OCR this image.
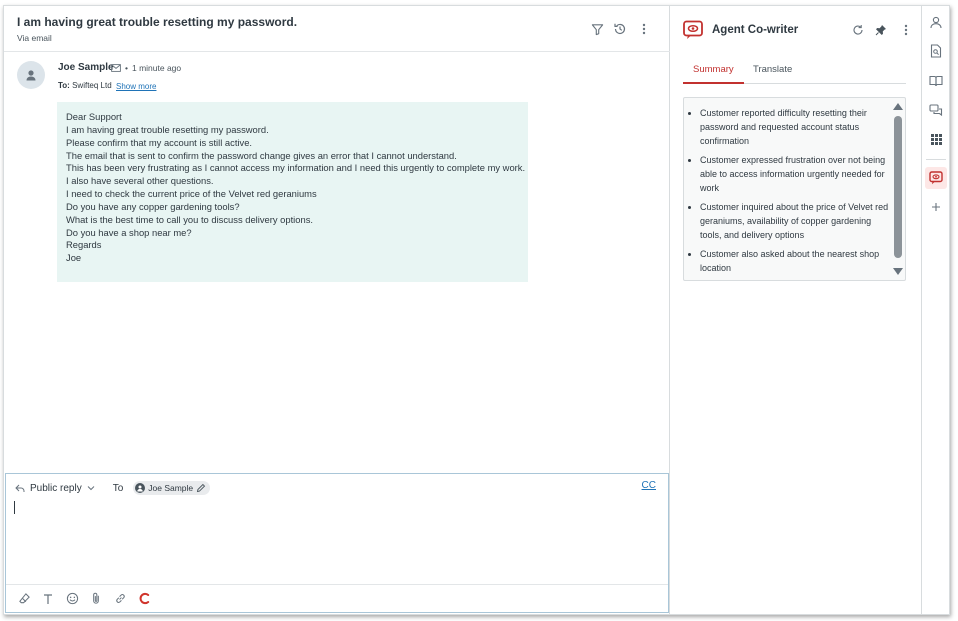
I am having great trouble resetting my password.
Via email
Joe Sample • 1 minute ago
To: Swifteq Ltd Show more
Dear Support
I am having great trouble resetting my password.
Please confirm that my account is still active.
The email that is sent to confirm the password change gives an error that I cannot understand.
This has been very frustrating as I cannot access my information and I need this urgently to complete my work.
I also have several other questions.
I need to check the current price of the Velvet red geraniums
Do you have any copper gardening tools?
What is the best time to call you to discuss delivery options.
Do you have a shop near me?
Regards
Joe
Public reply	To	Joe Sample	CC
Agent Co-writer
Summary Translate
• Customer reported difficulty resetting their password and requested account status confirmation
• Customer expressed frustration over not being able to access information urgently needed for work
• Customer inquired about the price of Velvet red geraniums, availability of copper gardening tools, and delivery options
• Customer also asked about the nearest shop location
